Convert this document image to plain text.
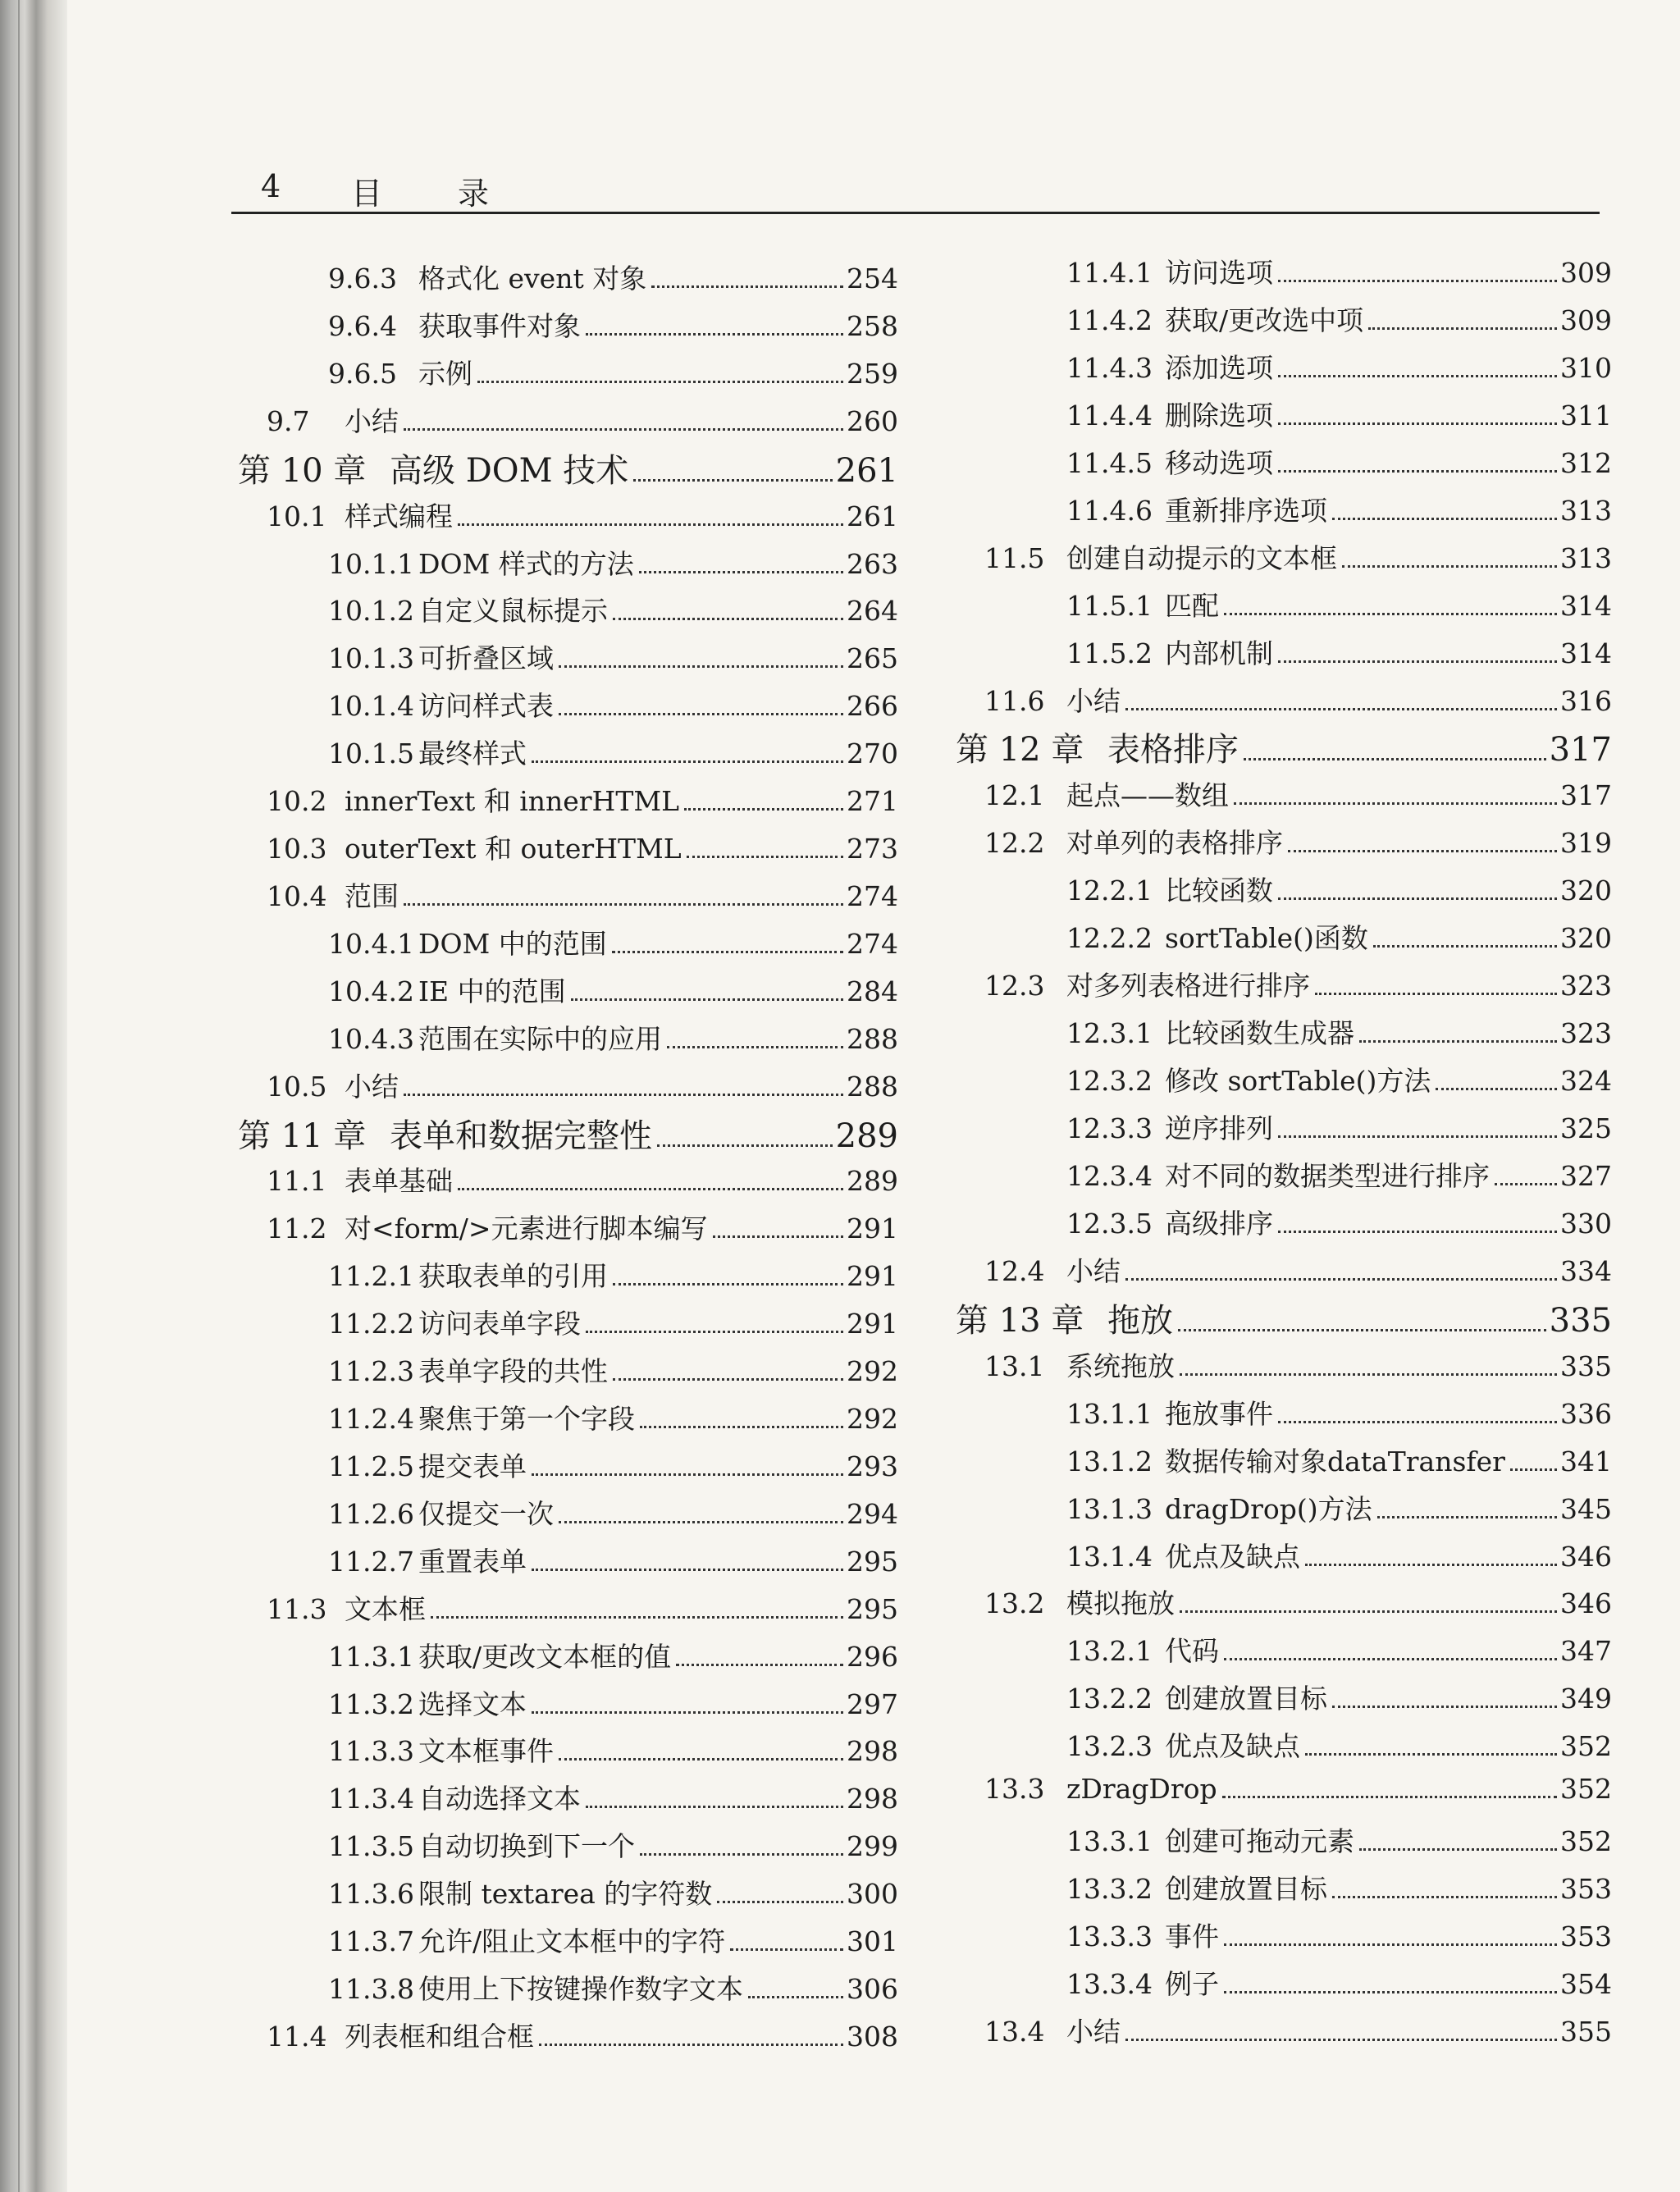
4 目 录
9.6.3 格式化 event 对象	254
9.6.4 获取事件对象	258
9.6.5 示例	259
9.7	小结	260
第 10 章 高级 DOM 技术	261
10.1 样式编程	261
10.1.1 DOM 样式的方法	263
10.1.2 自定义鼠标提示	264
10.1.3 可折叠区域	265
10.1.4 访问样式表	266
10.1.5 最终样式	270
10.2 innerText 和 innerHTML	271
10.3 outerText 和 outerHTML	273
10.4 范围	274
10.4.1 DOM 中的范围	274
10.4.2 IE 中的范围	284
10.4.3 范围在实际中的应用	288
10.5 小结	288
第 11 章 表单和数据完整性	289
11.1 表单基础	289
11.2 对<form/>元素进行脚本编写	291
11.2.1 获取表单的引用	291
11.2.2 访问表单字段	291
11.2.3 表单字段的共性	292
11.2.4 聚焦于第一个字段	292
11.2.5 提交表单	293
11.2.6 仅提交一次	294
11.2.7 重置表单	295
11.3 文本框	295
11.3.1 获取/更改文本框的值	296
11.3.2 选择文本	297
11.3.3 文本框事件	298
11.3.4 自动选择文本	298
11.3.5 自动切换到下一个	299
11.3.6 限制 textarea 的字符数	300
11.3.7 允许/阻止文本框中的字符	301
11.3.8 使用上下按键操作数字文本	306
11.4 列表框和组合框	308
11.4.1 访问选项	309
11.4.2 获取/更改选中项	309
11.4.3 添加选项	310
11.4.4 删除选项	311
11.4.5 移动选项	312
11.4.6 重新排序选项	313
11.5 创建自动提示的文本框	313
11.5.1 匹配	314
11.5.2 内部机制	314
11.6 小结	316
第 12 章 表格排序	317
12.1 起点——数组	317
12.2 对单列的表格排序	319
12.2.1 比较函数	320
12.2.2 sortTable()函数	320
12.3 对多列表格进行排序	323
12.3.1 比较函数生成器	323
12.3.2 修改 sortTable()方法	324
12.3.3 逆序排列	325
12.3.4 对不同的数据类型进行排序	327
12.3.5 高级排序	330
12.4 小结	334
第 13 章 拖放	335
13.1 系统拖放	335
13.1.1 拖放事件	336
13.1.2 数据传输对象dataTransfer 341
13.1.3 dragDrop()方法	345
13.1.4 优点及缺点	346
13.2 模拟拖放	346
13.2.1 代码	347
13.2.2 创建放置目标	349
13.2.3 优点及缺点	352
13.3 zDragDrop	352
13.3.1 创建可拖动元素	352
13.3.2 创建放置目标	353
13.3.3 事件	353
13.3.4 例子	354
13.4 小结	355
